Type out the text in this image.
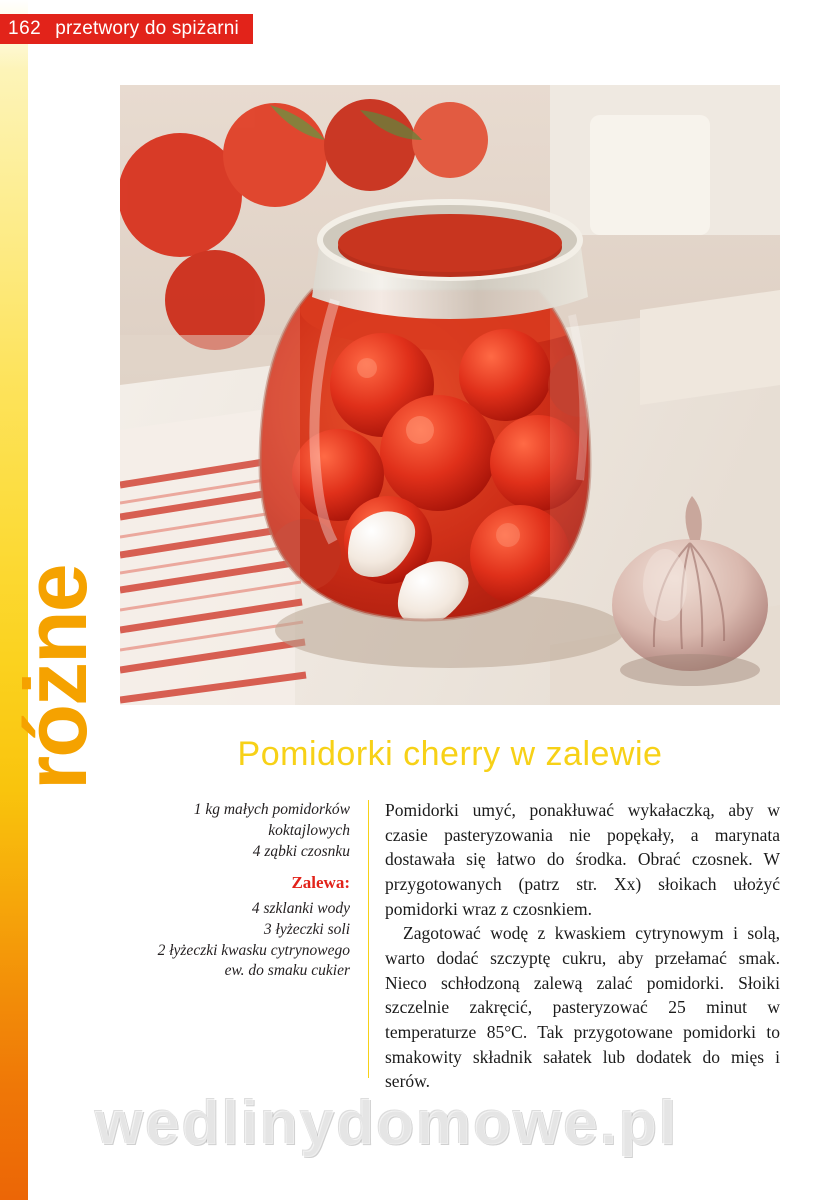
162 przetwory do spiżarni
różne	Pomidorki cherry w zalewie
1 kg małych pomidorków
koktajlowych
4 ząbki czosnku
Zalewa:
4 szklanki wody
3 łyżeczki soli
2 łyżeczki kwasku cytrynowego
ew. do smaku cukier

Pomidorki umyć, ponakłuwać wykałaczką, aby w czasie pasteryzowania nie popękały, a marynata dostawała się łatwo do środka. Obrać czosnek. W przygotowanych (patrz str. Xx) słoikach ułożyć pomidorki wraz z czosnkiem.

Zagotować wodę z kwaskiem cytrynowym i solą, warto dodać szczyptę cukru, aby przełamać smak. Nieco schłodzoną zalewą zalać pomidorki. Słoiki szczelnie zakręcić, pasteryzować 25 minut w temperaturze 85°C. Tak przygotowane pomidorki to smakowity składnik sałatek lub dodatek do mięs i serów.

wedlinydomowe.pl
